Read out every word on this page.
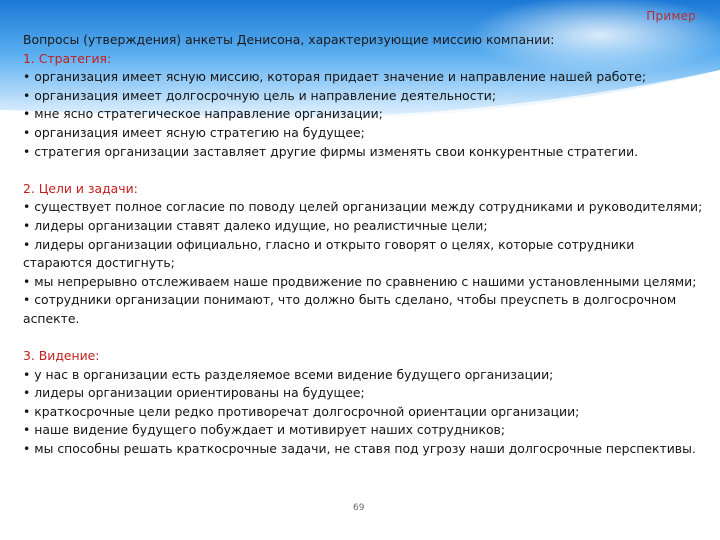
Пример
Вопросы (утверждения) анкеты Денисона, характеризующие миссию компании:
1. Стратегия:
• организация имеет ясную миссию, которая придает значение и направление нашей работе;
• организация имеет долгосрочную цель и направление деятельности;
• мне ясно стратегическое направление организации;
• организация имеет ясную стратегию на будущее;
• стратегия организации заставляет другие фирмы изменять свои конкурентные стратегии.
2. Цели и задачи:
• существует полное согласие по поводу целей организации между сотрудниками и руководителями;
• лидеры организации ставят далеко идущие, но реалистичные цели;
• лидеры организации официально, гласно и открыто говорят о целях, которые сотрудники стараются достигнуть;
• мы непрерывно отслеживаем наше продвижение по сравнению с нашими установленными целями;
• сотрудники организации понимают, что должно быть сделано, чтобы преуспеть в долгосрочном аспекте.
3. Видение:
• у нас в организации есть разделяемое всеми видение будущего организации;
• лидеры организации ориентированы на будущее;
• краткосрочные цели редко противоречат долгосрочной ориентации организации;
• наше видение будущего побуждает и мотивирует наших сотрудников;
• мы способны решать краткосрочные задачи, не ставя под угрозу наши долгосрочные перспективы.
69
